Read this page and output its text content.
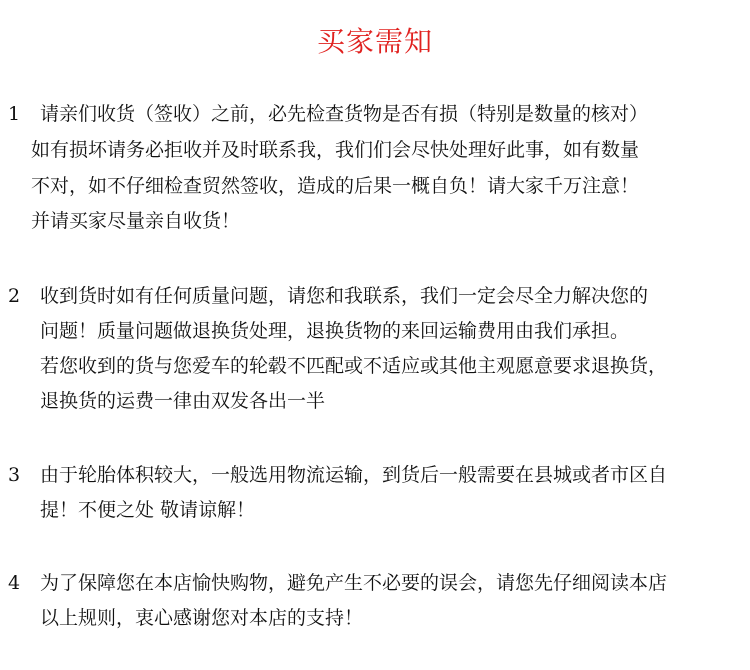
买家需知
1 请亲们收货（签收）之前，必先检查货物是否有损（特别是数量的核对）
如有损坏请务必拒收并及时联系我，我们们会尽快处理好此事，如有数量
不对，如不仔细检查贸然签收，造成的后果一概自负！请大家千万注意！
并请买家尽量亲自收货！
2 收到货时如有任何质量问题，请您和我联系，我们一定会尽全力解决您的
问题！质量问题做退换货处理，退换货物的来回运输费用由我们承担。
若您收到的货与您爱车的轮毂不匹配或不适应或其他主观愿意要求退换货，
退换货的运费一律由双发各出一半
3 由于轮胎体积较大，一般选用物流运输，到货后一般需要在县城或者市区自
提！不便之处 敬请谅解！
4 为了保障您在本店愉快购物，避免产生不必要的误会，请您先仔细阅读本店
以上规则，衷心感谢您对本店的支持！
